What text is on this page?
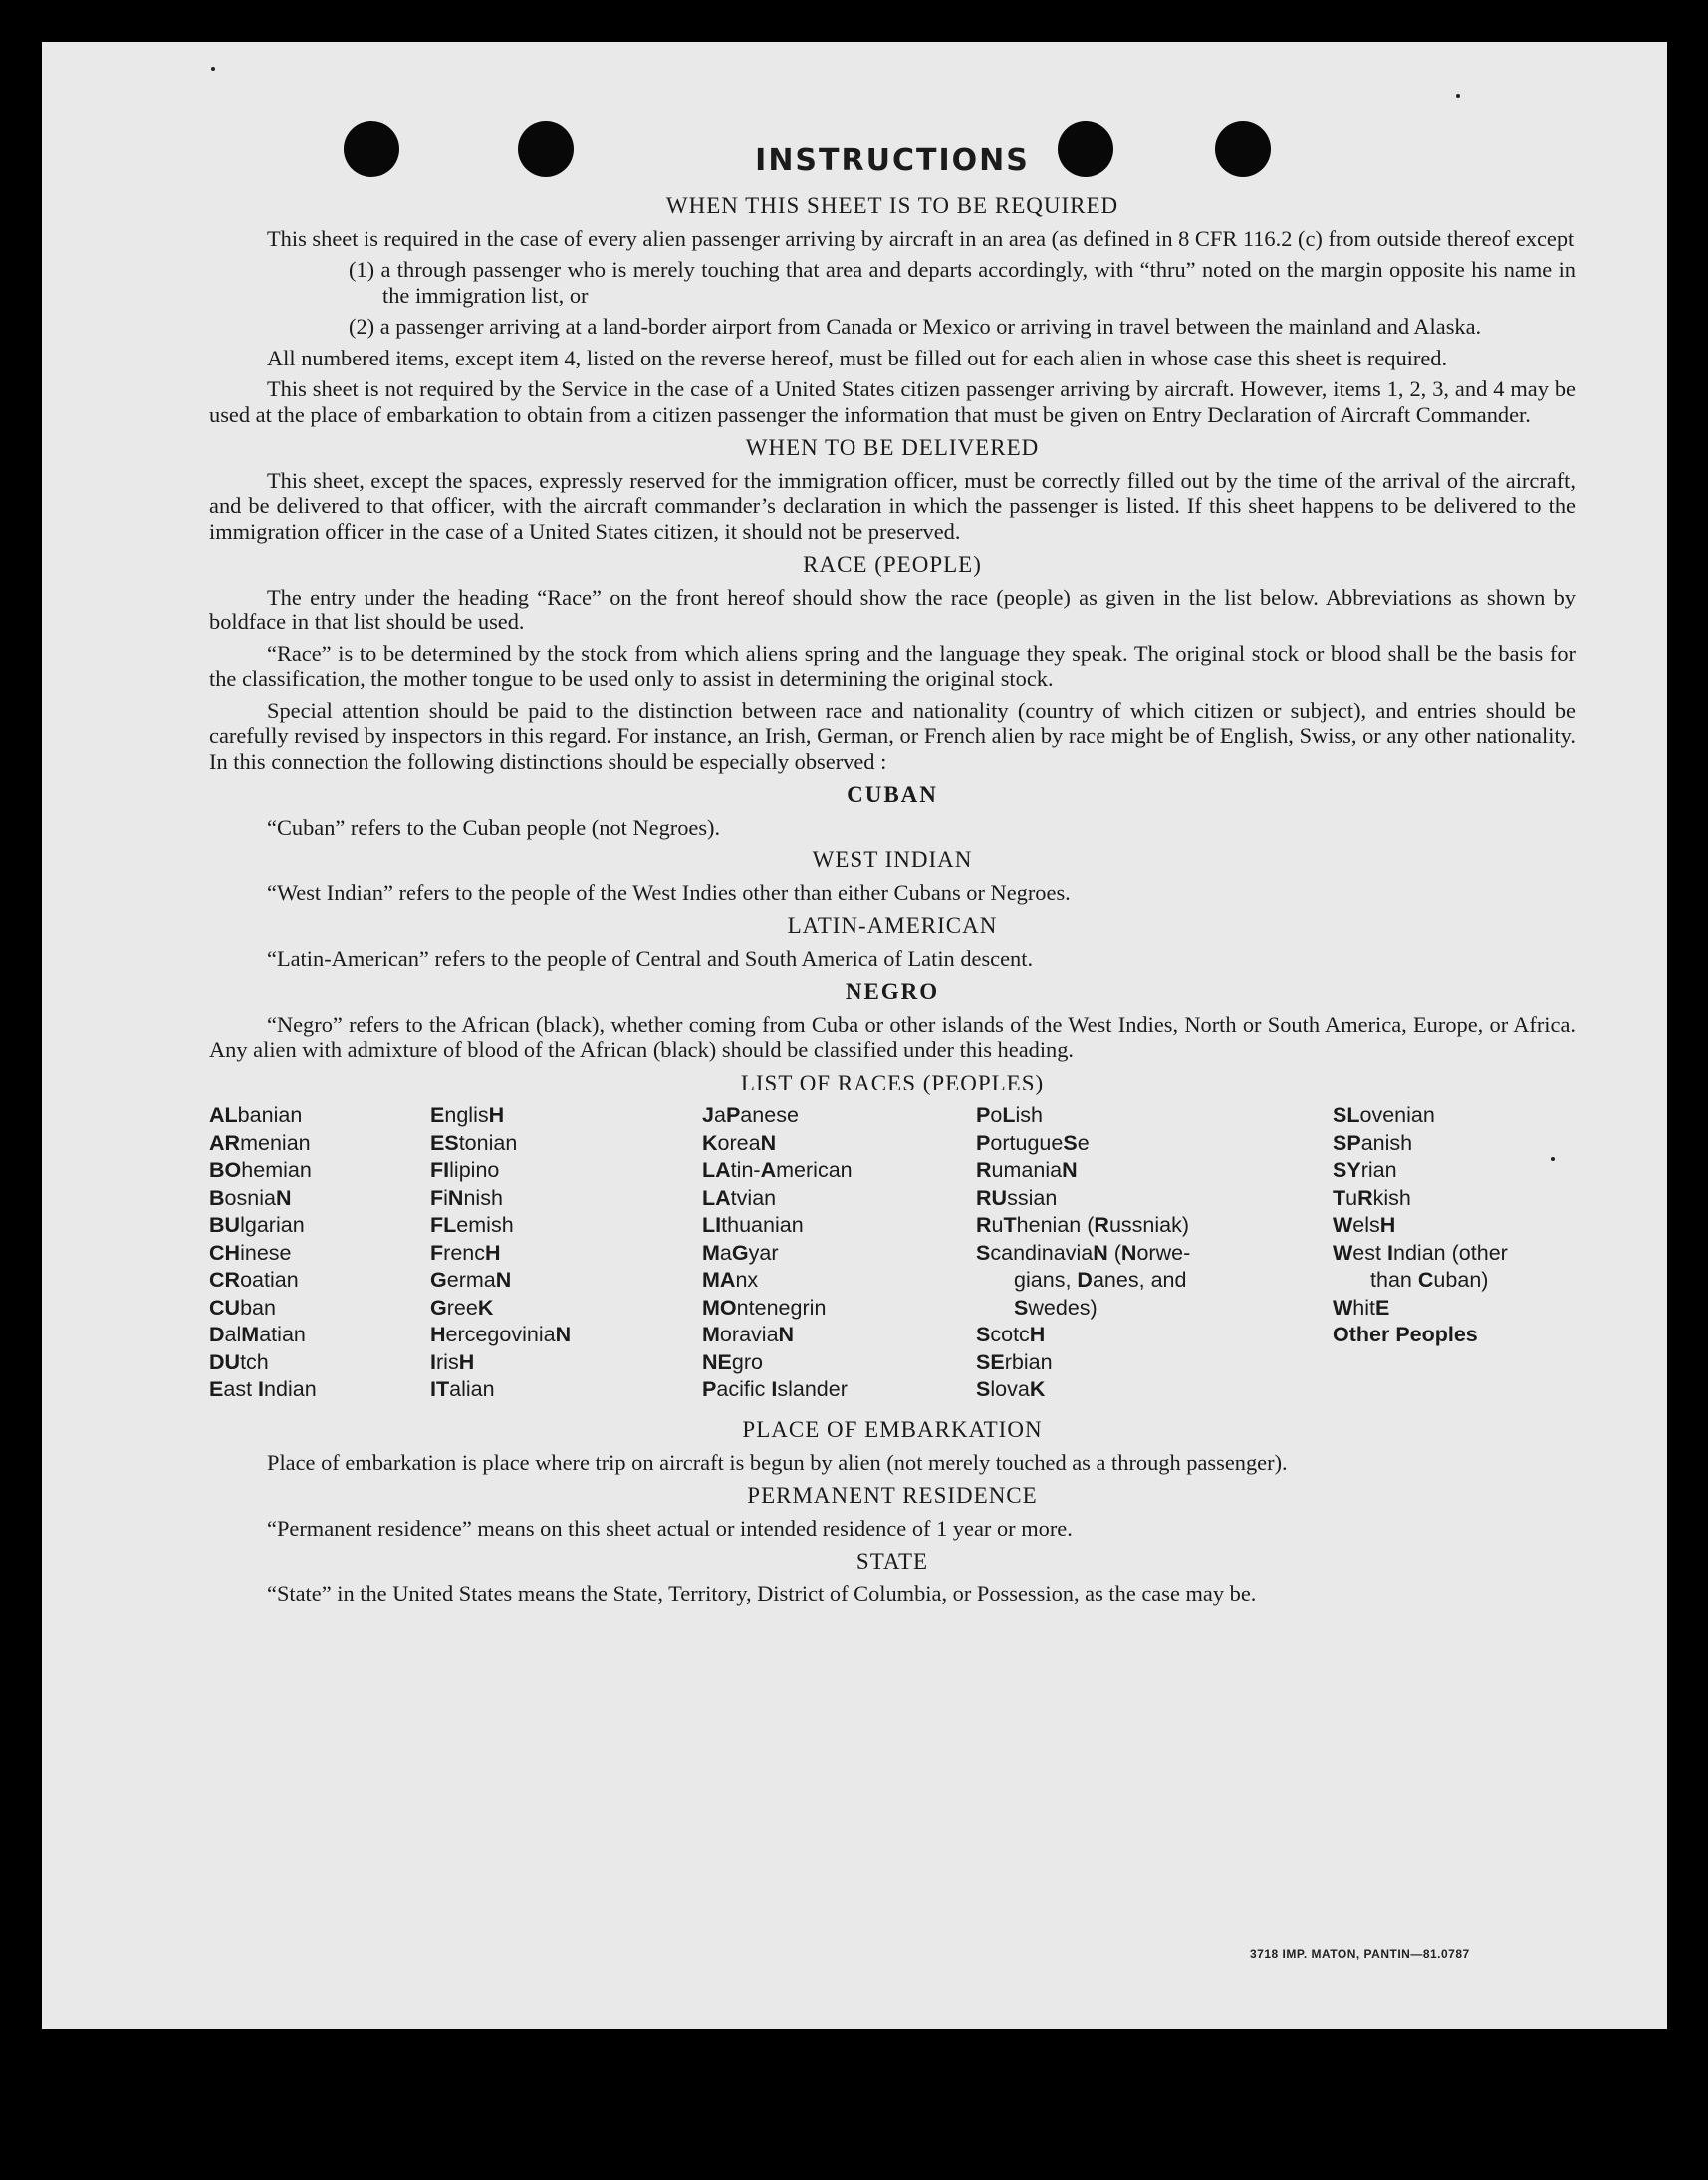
INSTRUCTIONS
WHEN THIS SHEET IS TO BE REQUIRED

This sheet is required in the case of every alien passenger arriving by aircraft in an area (as defined in 8 CFR 116.2 (c) from outside thereof except

(1) a through passenger who is merely touching that area and departs accordingly, with “thru” noted on the margin opposite his name in the immigration list, or
(2) a passenger arriving at a land-border airport from Canada or Mexico or arriving in travel between the mainland and Alaska.

All numbered items, except item 4, listed on the reverse hereof, must be filled out for each alien in whose case this sheet is required.

This sheet is not required by the Service in the case of a United States citizen passenger arriving by aircraft. However, items 1, 2, 3, and 4 may be used at the place of embarkation to obtain from a citizen passenger the information that must be given on Entry Declaration of Aircraft Commander.

WHEN TO BE DELIVERED

This sheet, except the spaces, expressly reserved for the immigration officer, must be correctly filled out by the time of the arrival of the aircraft, and be delivered to that officer, with the aircraft commander’s declaration in which the passenger is listed. If this sheet happens to be delivered to the immigration officer in the case of a United States citizen, it should not be preserved.

RACE (PEOPLE)

The entry under the heading “Race” on the front hereof should show the race (people) as given in the list below. Abbreviations as shown by boldface in that list should be used.

“Race” is to be determined by the stock from which aliens spring and the language they speak. The original stock or blood shall be the basis for the classification, the mother tongue to be used only to assist in determining the original stock.

Special attention should be paid to the distinction between race and nationality (country of which citizen or subject), and entries should be carefully revised by inspectors in this regard. For instance, an Irish, German, or French alien by race might be of English, Swiss, or any other nationality. In this connection the following distinctions should be especially observed :

CUBAN

“Cuban” refers to the Cuban people (not Negroes).

WEST INDIAN

“West Indian” refers to the people of the West Indies other than either Cubans or Negroes.

LATIN-AMERICAN

“Latin-American” refers to the people of Central and South America of Latin descent.

NEGRO

“Negro” refers to the African (black), whether coming from Cuba or other islands of the West Indies, North or South America, Europe, or Africa. Any alien with admixture of blood of the African (black) should be classified under this heading.

LIST OF RACES (PEOPLES)
ALbanian
ARmenian
BOhemian
BosniaN
BUlgarian
CHinese
CRoatian
CUban
DalMatian
DUtch
East Indian
EnglisH
EStonian
FIlipino
FiNnish
FLemish
FrencH
GermaN
GreeK
HercegoviniaN
IrisH
ITalian
JaPanese
KoreaN
LAtin-American
LAtvian
LIthuanian
MaGyar
MAnx
MOntenegrin
MoraviaN
NEgro
Pacific Islander
PoLish
PortugueSe
RumaniaN
RUssian
RuThenian (Russniak)
ScandinaviaN (Norwe-
gians, Danes, and
Swedes)
ScotcH
SErbian
SlovaK
SLovenian
SPanish
SYrian
TuRkish
WelsH
West Indian (other
than Cuban)
WhitE
Other Peoples
PLACE OF EMBARKATION

Place of embarkation is place where trip on aircraft is begun by alien (not merely touched as a through passenger).

PERMANENT RESIDENCE

“Permanent residence” means on this sheet actual or intended residence of 1 year or more.

STATE

“State” in the United States means the State, Territory, District of Columbia, or Possession, as the case may be.

3718 IMP. MATON, PANTIN—81.0787
